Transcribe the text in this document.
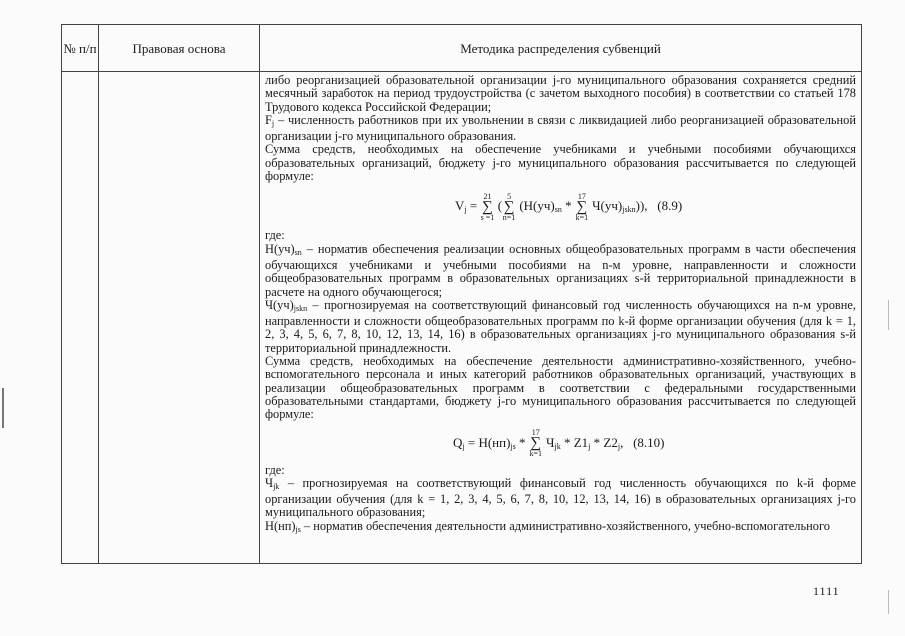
№ п/п	Правовая основа	Методика распределения субвенций

либо реорганизацией образовательной организации j-го муниципального образования сохраняется средний месячный заработок на период трудоустройства (с зачетом выходного пособия) в соответствии со статьей 178 Трудового кодекса Российской Федерации;

$F_j$ – численность работников при их увольнении в связи с ликвидацией либо реорганизацией образовательной организации j-го муниципального образования.

Сумма средств, необходимых на обеспечение учебниками и учебными пособиями обучающихся образовательных организаций, бюджету j-го муниципального образования рассчитывается по следующей формуле:

$V_j$ = ∑
21
s =1
( ∑
5
n=1
($Н(уч)_{sn}$ * ∑
17
k=1
$Ч(уч)_{jskn}$)), (8.9)

где:

$Н(уч)_{sn}$ – норматив обеспечения реализации основных общеобразовательных программ в части обеспечения обучающихся учебниками и учебными пособиями на n-м уровне, направленности и сложности общеобразовательных программ в образовательных организациях s-й территориальной принадлежности в расчете на одного обучающегося;

$Ч(уч)_{jskn}$ – прогнозируемая на соответствующий финансовый год численность обучающихся на n-м уровне, направленности и сложности общеобразовательных программ по k-й форме организации обучения (для k = 1, 2, 3, 4, 5, 6, 7, 8, 10, 12, 13, 14, 16) в образовательных организациях j-го муниципального образования s-й территориальной принадлежности.

Сумма средств, необходимых на обеспечение деятельности административно-хозяйственного, учебно-вспомогательного персонала и иных категорий работников образовательных организаций, участвующих в реализации общеобразовательных программ в соответствии с федеральными государственными образовательными стандартами, бюджету j-го муниципального образования рассчитывается по следующей формуле:

$Q_j = Н(нп)_{js}$ * ∑
17
k=1
$Ч_{jk} * Z1_j * Z2_j$,   (8.10)

где:

$Ч_{jk}$ – прогнозируемая на соответствующий финансовый год численность обучающихся по k-й форме организации обучения (для k = 1, 2, 3, 4, 5, 6, 7, 8, 10, 12, 13, 14, 16) в образовательных организациях j-го муниципального образования;

$Н(нп)_{js}$ – норматив обеспечения деятельности административно-хозяйственного, учебно-вспомогательного

1111
